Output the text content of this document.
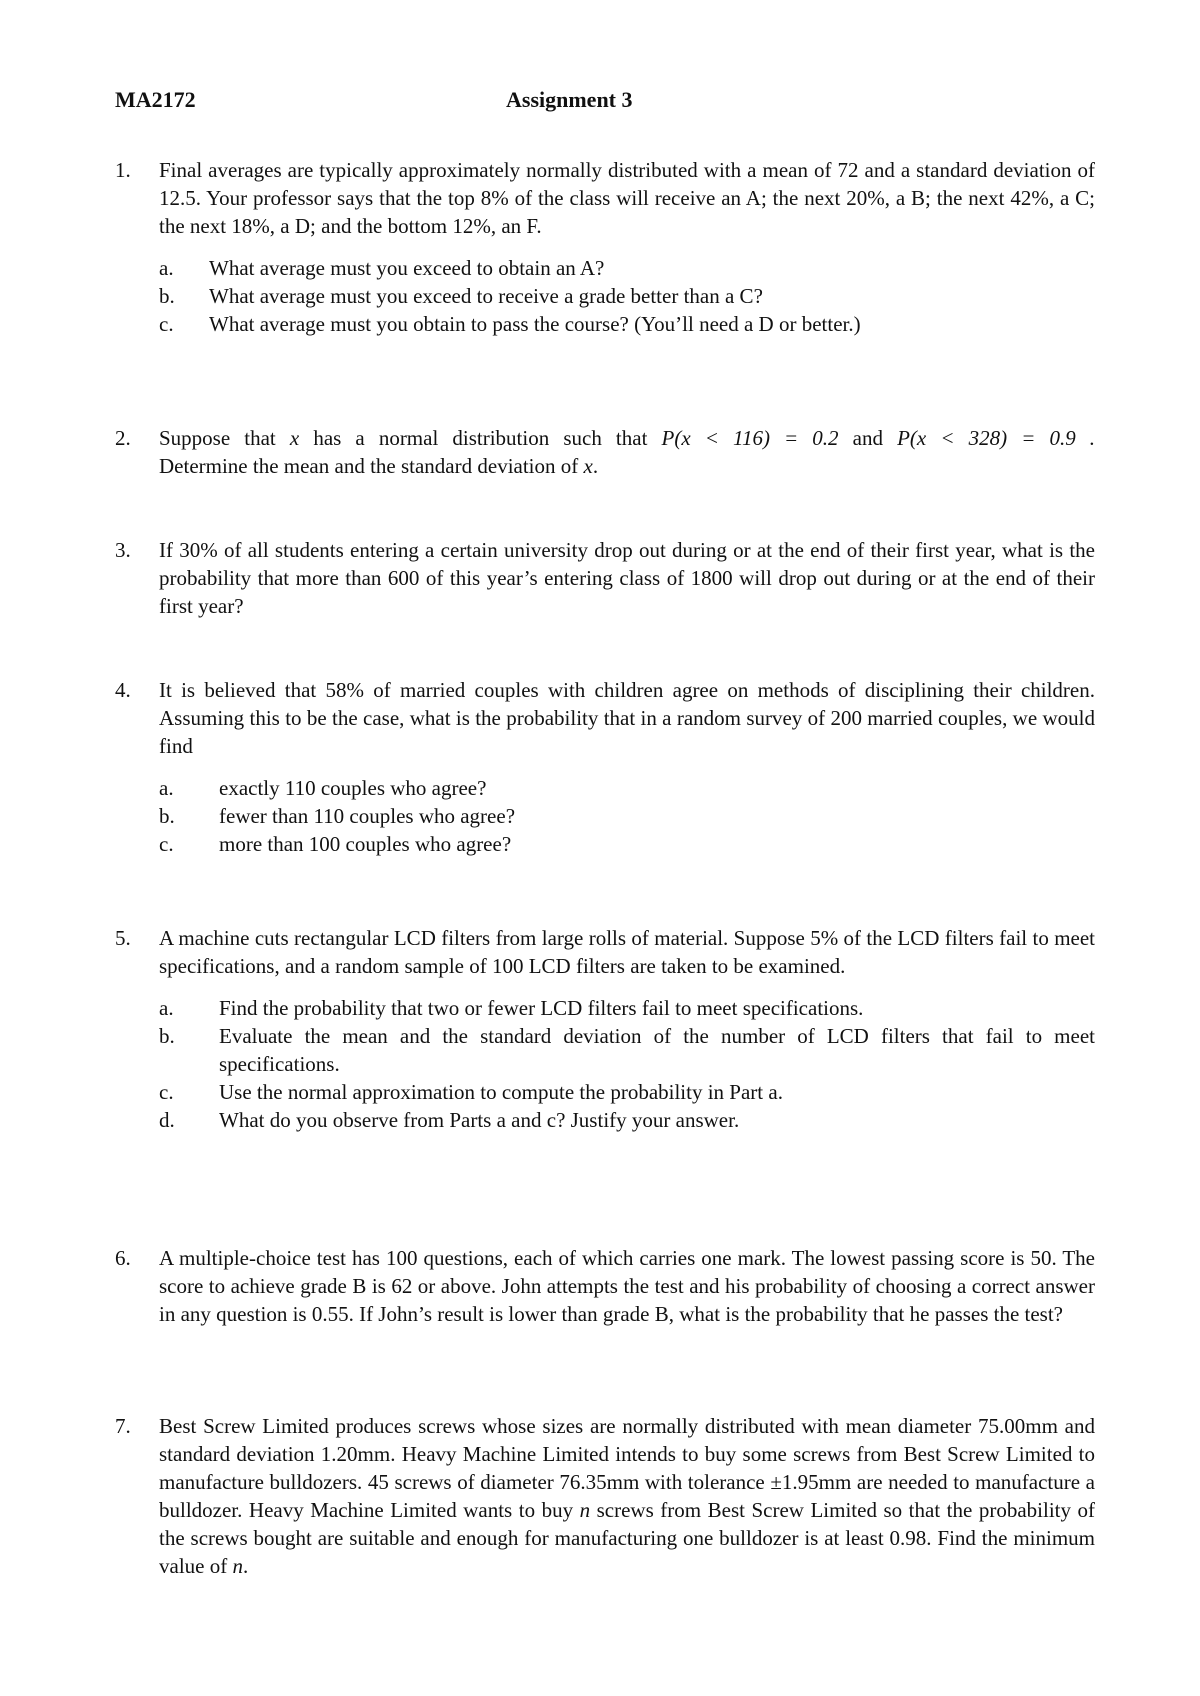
MA2172	Assignment 3
1.	Final averages are typically approximately normally distributed with a mean of 72 and a standard deviation of 12.5. Your professor says that the top 8% of the class will receive an A; the next 20%, a B; the next 42%, a C; the next 18%, a D; and the bottom 12%, an F.
a. What average must you exceed to obtain an A?
b. What average must you exceed to receive a grade better than a C?
c. What average must you obtain to pass the course? (You’ll need a D or better.)
2.	Suppose that x has a normal distribution such that P(x < 116) = 0.2 and P(x < 328) = 0.9 .
Determine the mean and the standard deviation of x.
3.	If 30% of all students entering a certain university drop out during or at the end of their first year, what is the probability that more than 600 of this year’s entering class of 1800 will drop out during or at the end of their first year?
4.	It is believed that 58% of married couples with children agree on methods of disciplining their children. Assuming this to be the case, what is the probability that in a random survey of 200 married couples, we would find
a. exactly 110 couples who agree?
b. fewer than 110 couples who agree?
c. more than 100 couples who agree?
5.	A machine cuts rectangular LCD filters from large rolls of material. Suppose 5% of the LCD filters fail to meet specifications, and a random sample of 100 LCD filters are taken to be examined.
a. Find the probability that two or fewer LCD filters fail to meet specifications.
b. Evaluate the mean and the standard deviation of the number of LCD filters that fail to meet specifications.
c. Use the normal approximation to compute the probability in Part a.
d. What do you observe from Parts a and c? Justify your answer.
6.	A multiple-choice test has 100 questions, each of which carries one mark. The lowest passing score is 50. The score to achieve grade B is 62 or above. John attempts the test and his probability of choosing a correct answer in any question is 0.55. If John’s result is lower than grade B, what is the probability that he passes the test?
7.	Best Screw Limited produces screws whose sizes are normally distributed with mean diameter 75.00mm and standard deviation 1.20mm. Heavy Machine Limited intends to buy some screws from Best Screw Limited to manufacture bulldozers. 45 screws of diameter 76.35mm with tolerance ±1.95mm are needed to manufacture a bulldozer. Heavy Machine Limited wants to buy n screws from Best Screw Limited so that the probability of the screws bought are suitable and enough for manufacturing one bulldozer is at least 0.98. Find the minimum value of n.
